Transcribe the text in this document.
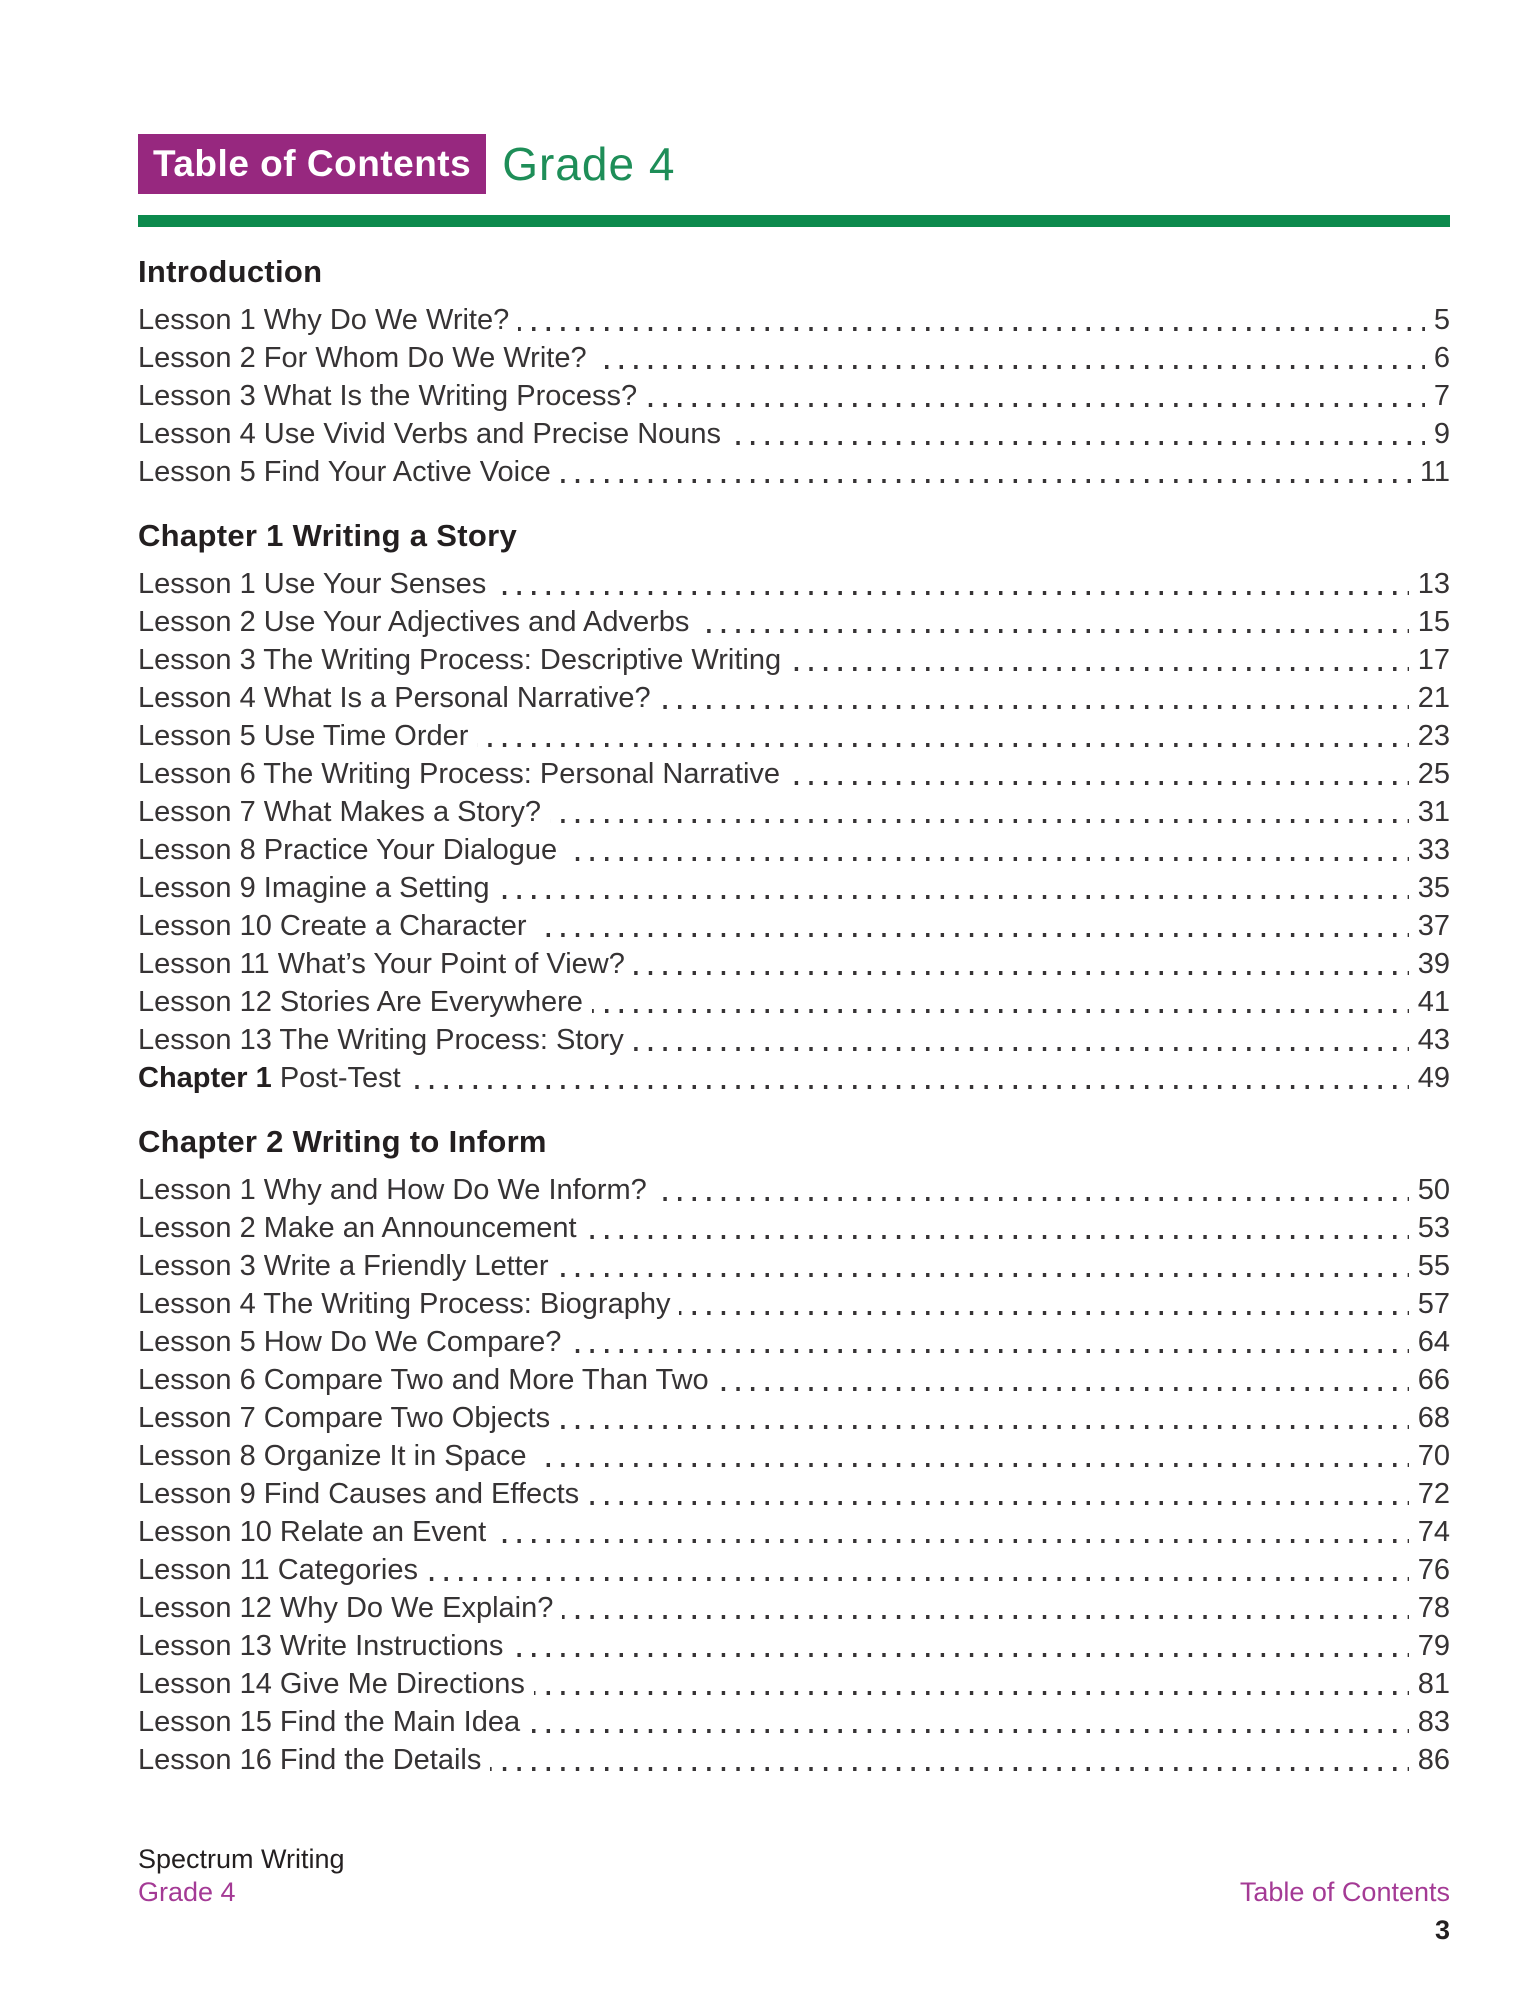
Table of Contents Grade 4
Introduction
Lesson 1 Why Do We Write?	5
Lesson 2 For Whom Do We Write?	6
Lesson 3 What Is the Writing Process?	7
Lesson 4 Use Vivid Verbs and Precise Nouns	9
Lesson 5 Find Your Active Voice	11
Chapter 1 Writing a Story
Lesson 1 Use Your Senses	13
Lesson 2 Use Your Adjectives and Adverbs	15
Lesson 3 The Writing Process: Descriptive Writing	17
Lesson 4 What Is a Personal Narrative?	21
Lesson 5 Use Time Order	23
Lesson 6 The Writing Process: Personal Narrative	25
Lesson 7 What Makes a Story?	31
Lesson 8 Practice Your Dialogue	33
Lesson 9 Imagine a Setting	35
Lesson 10 Create a Character	37
Lesson 11 What’s Your Point of View?	39
Lesson 12 Stories Are Everywhere	41
Lesson 13 The Writing Process: Story	43
Chapter 1 Post-Test	49
Chapter 2 Writing to Inform
Lesson 1 Why and How Do We Inform?	50
Lesson 2 Make an Announcement	53
Lesson 3 Write a Friendly Letter	55
Lesson 4 The Writing Process: Biography	57
Lesson 5 How Do We Compare?	64
Lesson 6 Compare Two and More Than Two	66
Lesson 7 Compare Two Objects	68
Lesson 8 Organize It in Space	70
Lesson 9 Find Causes and Effects	72
Lesson 10 Relate an Event	74
Lesson 11 Categories	76
Lesson 12 Why Do We Explain?	78
Lesson 13 Write Instructions	79
Lesson 14 Give Me Directions	81
Lesson 15 Find the Main Idea	83
Lesson 16 Find the Details	86
Spectrum Writing
Grade 4	Table of Contents
3
